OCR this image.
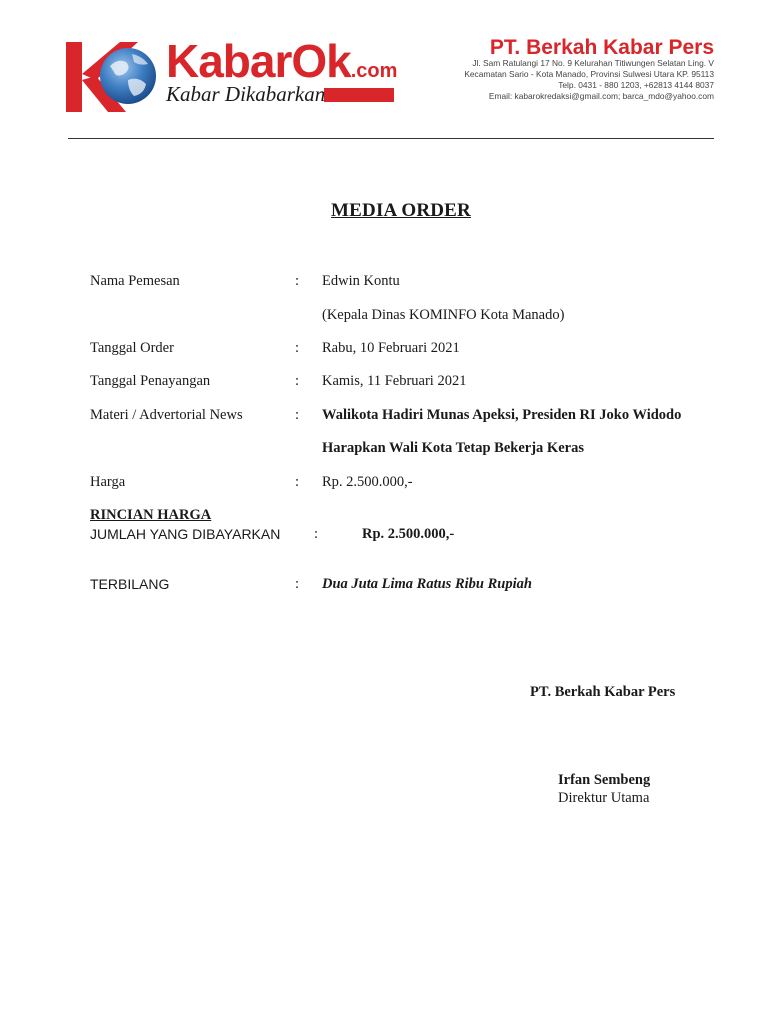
KabarOk.com
Kabar Dikabarkan
PT. Berkah Kabar Pers
Jl. Sam Ratulangi 17 No. 9 Kelurahan Titiwungen Selatan Ling. V
Kecamatan Sario - Kota Manado, Provinsi Sulwesi Utara KP. 95113
Telp. 0431 - 880 1203, +62813 4144 8037
Email: kabarokredaksi@gmail.com; barca_mdo@yahoo.com
MEDIA ORDER
Nama Pemesan	: Edwin Kontu
(Kepala Dinas KOMINFO Kota Manado)
Tanggal Order	: Rabu, 10 Februari 2021
Tanggal Penayangan	: Kamis, 11 Februari 2021
Materi / Advertorial News	: Walikota Hadiri Munas Apeksi, Presiden RI Joko Widodo
Harapkan Wali Kota Tetap Bekerja Keras
Harga	: Rp. 2.500.000,-
RINCIAN HARGA
JUMLAH YANG DIBAYARKAN :	Rp. 2.500.000,-
TERBILANG	: Dua Juta Lima Ratus Ribu Rupiah
PT. Berkah Kabar Pers
Irfan Sembeng
Direktur Utama
